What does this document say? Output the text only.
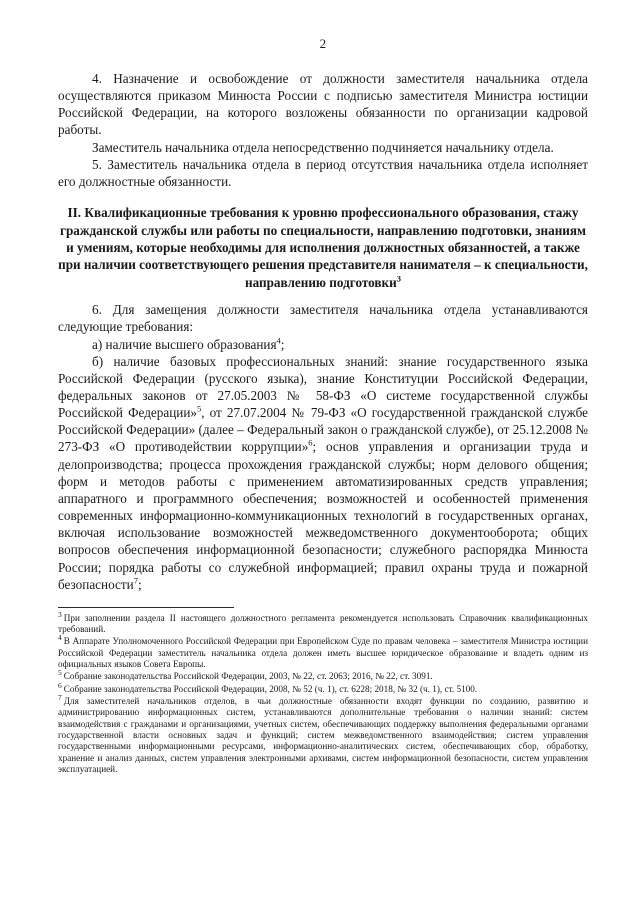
2

4. Назначение и освобождение от должности заместителя начальника отдела осуществляются приказом Минюста России с подписью заместителя Министра юстиции Российской Федерации, на которого возложены обязанности по организации кадровой работы.

Заместитель начальника отдела непосредственно подчиняется начальнику отдела.

5. Заместитель начальника отдела в период отсутствия начальника отдела исполняет его должностные обязанности.

II. Квалификационные требования к уровню профессионального образования, стажу гражданской службы или работы по специальности, направлению подготовки, знаниям и умениям, которые необходимы для исполнения должностных обязанностей, а также при наличии соответствующего решения представителя нанимателя – к специальности, направлению подготовки$^3$

6. Для замещения должности заместителя начальника отдела устанавливаются следующие требования:

а) наличие высшего образования$^4$;

б) наличие базовых профессиональных знаний: знание государственного языка Российской Федерации (русского языка), знание Конституции Российской Федерации, федеральных законов от 27.05.2003 № 58-ФЗ «О системе государственной службы Российской Федерации»$^5$, от 27.07.2004 № 79-ФЗ «О государственной гражданской службе Российской Федерации» (далее – Федеральный закон о гражданской службе), от 25.12.2008 № 273-ФЗ «О противодействии коррупции»$^6$; основ управления и организации труда и делопроизводства; процесса прохождения гражданской службы; норм делового общения; форм и методов работы с применением автоматизированных средств управления; аппаратного и программного обеспечения; возможностей и особенностей применения современных информационно-коммуникационных технологий в государственных органах, включая использование возможностей межведомственного документооборота; общих вопросов обеспечения информационной безопасности; служебного распорядка Минюста России; порядка работы со служебной информацией; правил охраны труда и пожарной безопасности$^7$;

$^3$ При заполнении раздела II настоящего должностного регламента рекомендуется использовать Справочник квалификационных требований.

$^4$ В Аппарате Уполномоченного Российской Федерации при Европейском Суде по правам человека – заместителя Министра юстиции Российской Федерации заместитель начальника отдела должен иметь высшее юридическое образование и владеть одним из официальных языков Совета Европы.

$^5$ Собрание законодательства Российской Федерации, 2003, № 22, ст. 2063; 2016, № 22, ст. 3091.

$^6$ Собрание законодательства Российской Федерации, 2008, № 52 (ч. 1), ст. 6228; 2018, № 32 (ч. 1), ст. 5100.

$^7$ Для заместителей начальников отделов, в чьи должностные обязанности входят функции по созданию, развитию и администрированию информационных систем, устанавливаются дополнительные требования о наличии знаний: систем взаимодействия с гражданами и организациями, учетных систем, обеспечивающих поддержку выполнения федеральными органами государственной власти основных задач и функций; систем межведомственного взаимодействия; систем управления государственными информационными ресурсами, информационно-аналитических систем, обеспечивающих сбор, обработку, хранение и анализ данных, систем управления электронными архивами, систем информационной безопасности, систем управления эксплуатацией.
